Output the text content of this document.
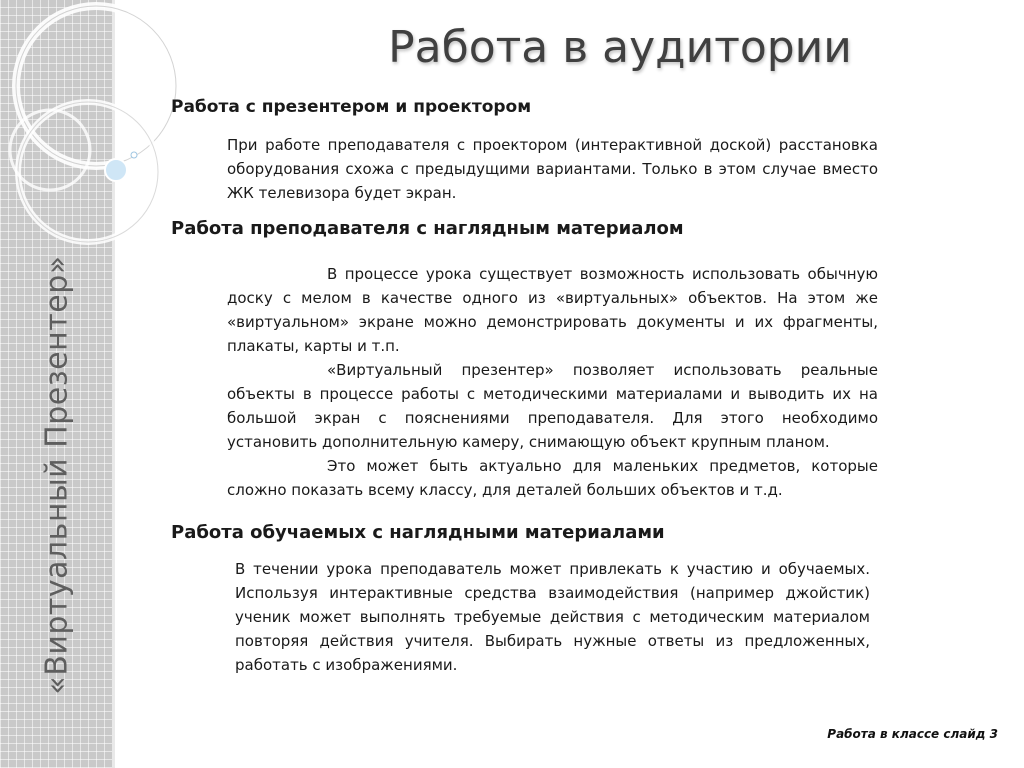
«Виртуальный Презентер»
Работа в аудитории
Работа с презентером и проектором

При работе преподавателя с проектором (интерактивной доской) расстановка оборудования схожа с предыдущими вариантами. Только в этом случае вместо ЖК телевизора будет экран.

Работа преподавателя с наглядным материалом
В процессе урока существует возможность использовать обычную доску с мелом в качестве одного из «виртуальных» объектов. На этом же «виртуальном» экране можно демонстрировать документы и их фрагменты, плакаты, карты и т.п.
«Виртуальный презентер» позволяет использовать реальные объекты в процессе работы с методическими материалами и выводить их на большой экран с пояснениями преподавателя. Для этого необходимо установить дополнительную камеру, снимающую объект крупным планом.
Это может быть актуально для маленьких предметов, которые сложно показать всему классу, для деталей больших объектов и т.д.
Работа обучаемых с наглядными материалами

В течении урока преподаватель может привлекать к участию и обучаемых. Используя интерактивные средства взаимодействия (например джойстик) ученик может выполнять требуемые действия с методическим материалом повторяя действия учителя. Выбирать нужные ответы из предложенных, работать с изображениями.

Работа в классе слайд 3
